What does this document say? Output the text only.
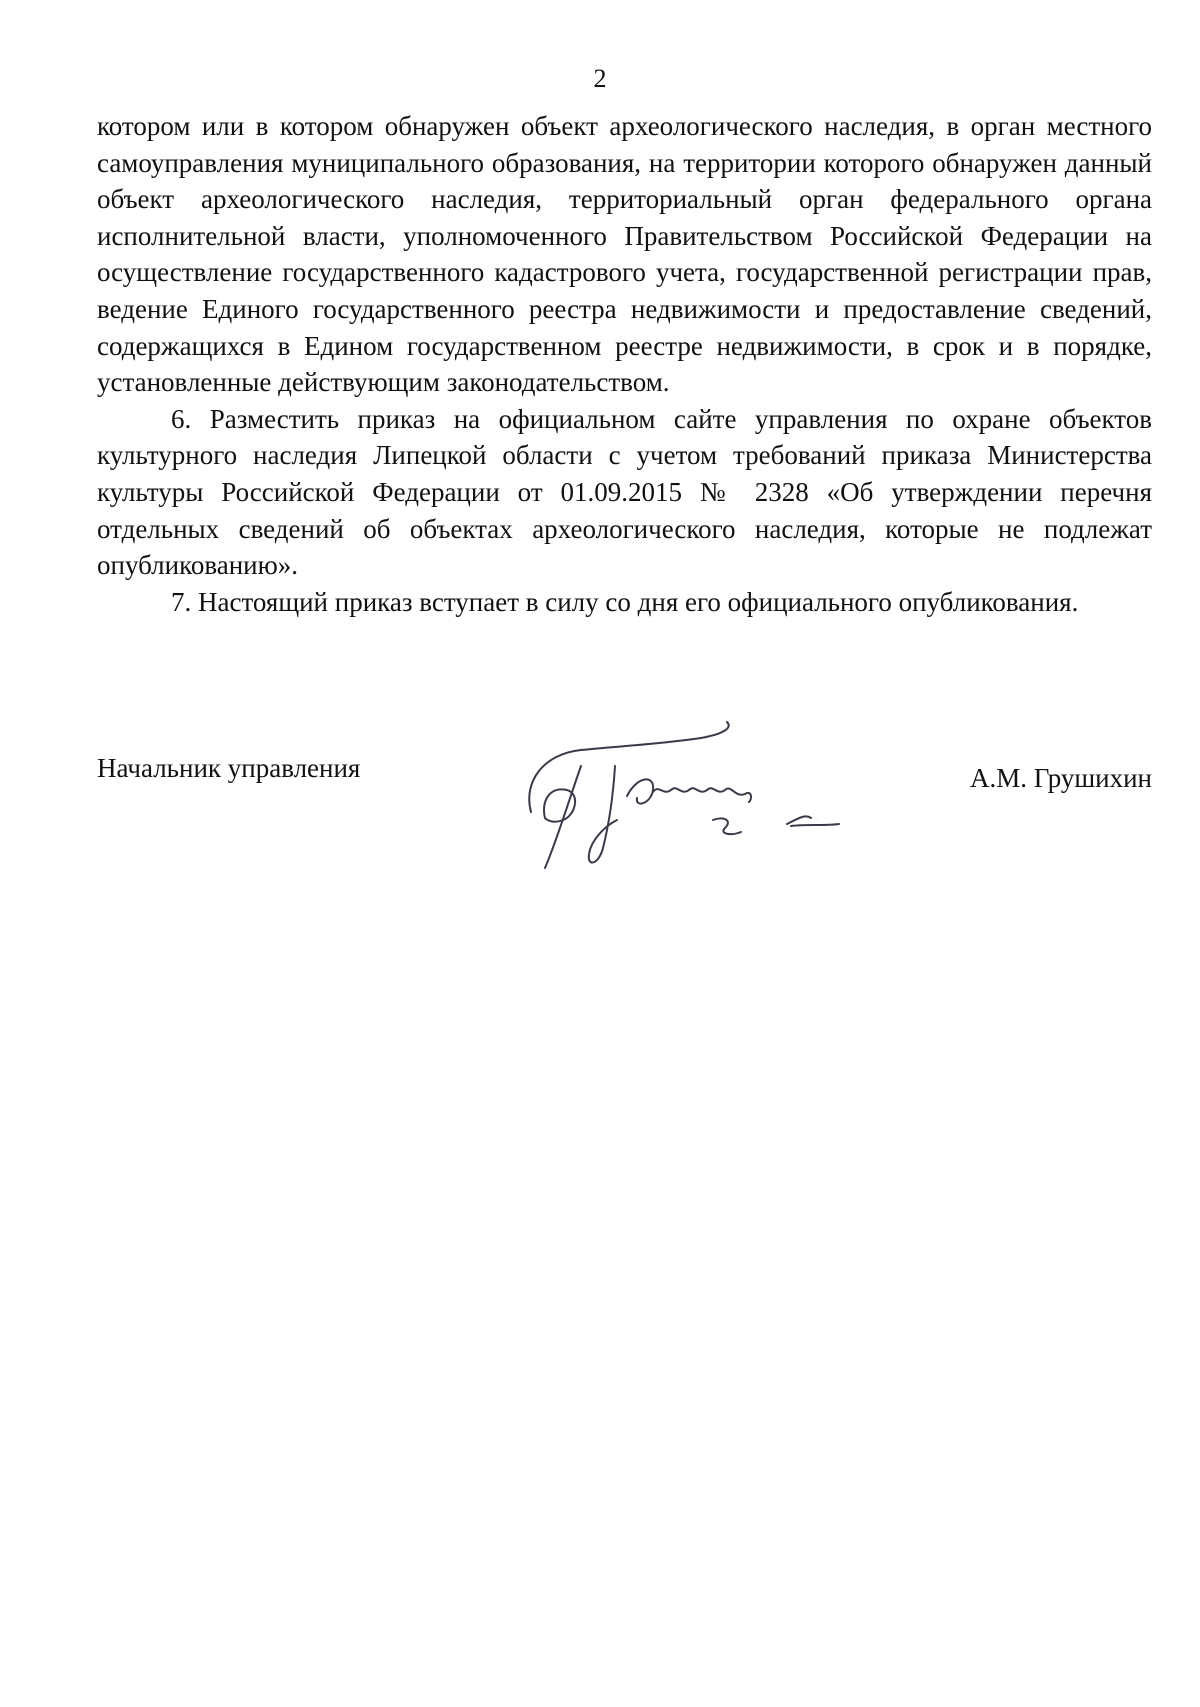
2

котором или в котором обнаружен объект археологического наследия, в орган местного самоуправления муниципального образования, на территории которого обнаружен данный объект археологического наследия, территориальный орган федерального органа исполнительной власти, уполномоченного Правительством Российской Федерации на осуществление государственного кадастрового учета, государственной регистрации прав, ведение Единого государственного реестра недвижимости и предоставление сведений, содержащихся в Едином государственном реестре недвижимости, в срок и в порядке, установленные действующим законодательством.

6. Разместить приказ на официальном сайте управления по охране объектов культурного наследия Липецкой области с учетом требований приказа Министерства культуры Российской Федерации от 01.09.2015 № 2328 «Об утверждении перечня отдельных сведений об объектах археологического наследия, которые не подлежат опубликованию».

7. Настоящий приказ вступает в силу со дня его официального опубликования.

Начальник управления	А.М. Грушихин
